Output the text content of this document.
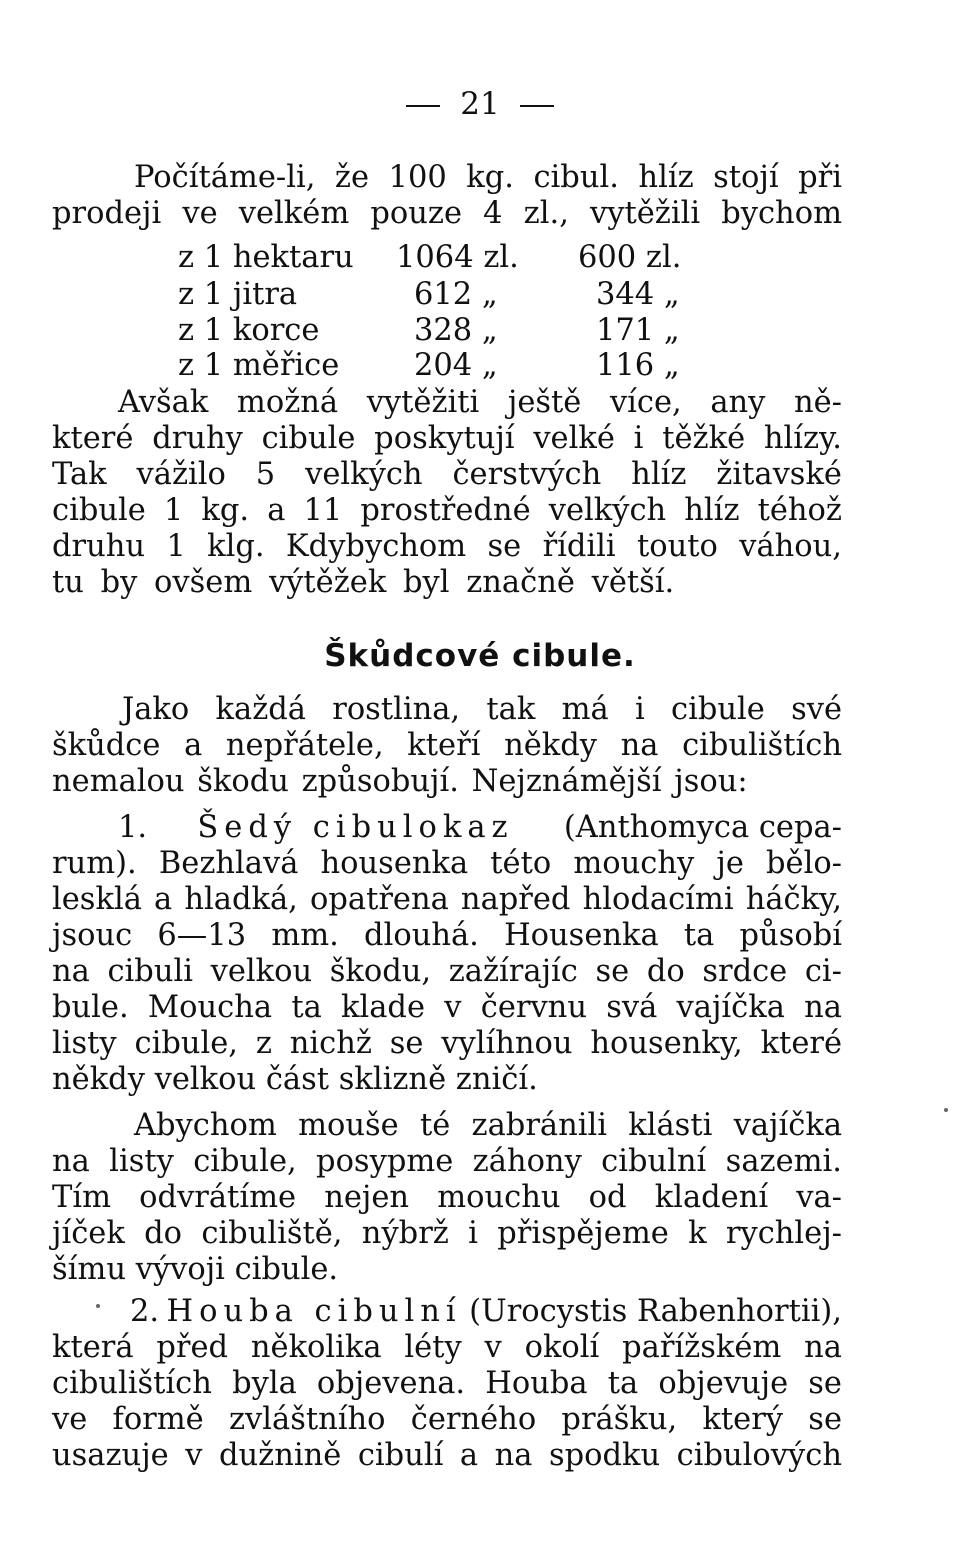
21
Počítáme-li, že 100 kg. cibul. hlíz stojí při
prodeji ve velkém pouze 4 zl., vytěžili bychom
z 1 hektaru 1064 zl. 600 zl.
z 1 jitra	612 „	344 „
z 1 korce	328 „	171 „
z 1 měřice 204 „	116 „
Avšak možná vytěžiti ještě více, any ně-
které druhy cibule poskytují velké i těžké hlízy.
Tak vážilo 5 velkých čerstvých hlíz žitavské
cibule 1 kg. a 11 prostředné velkých hlíz téhož
druhu 1 klg. Kdybychom se řídili touto váhou,
tu by ovšem výtěžek byl značně větší.
Škůdcové cibule.
Jako každá rostlina, tak má i cibule své
škůdce a nepřátele, kteří někdy na cibulištích
nemalou škodu způsobují. Nejznámější jsou:
1. Šedý cibulokaz (Anthomyca cepa-
rum). Bezhlavá housenka této mouchy je bělo-
lesklá a hladká, opatřena napřed hlodacími háčky,
jsouc 6—13 mm. dlouhá. Housenka ta působí
na cibuli velkou škodu, zažírajíc se do srdce ci-
bule. Moucha ta klade v červnu svá vajíčka na
listy cibule, z nichž se vylíhnou housenky, které
někdy velkou část sklizně zničí.
Abychom mouše té zabránili klásti vajíčka
na listy cibule, posypme záhony cibulní sazemi.
Tím odvrátíme nejen mouchu od kladení va-
jíček do cibuliště, nýbrž i přispějeme k rychlej-
šímu vývoji cibule.
2. Houba cibulní (Urocystis Rabenhortii),
která před několika léty v okolí pařížském na
cibulištích byla objevena. Houba ta objevuje se
ve formě zvláštního černého prášku, který se
usazuje v dužnině cibulí a na spodku cibulových
